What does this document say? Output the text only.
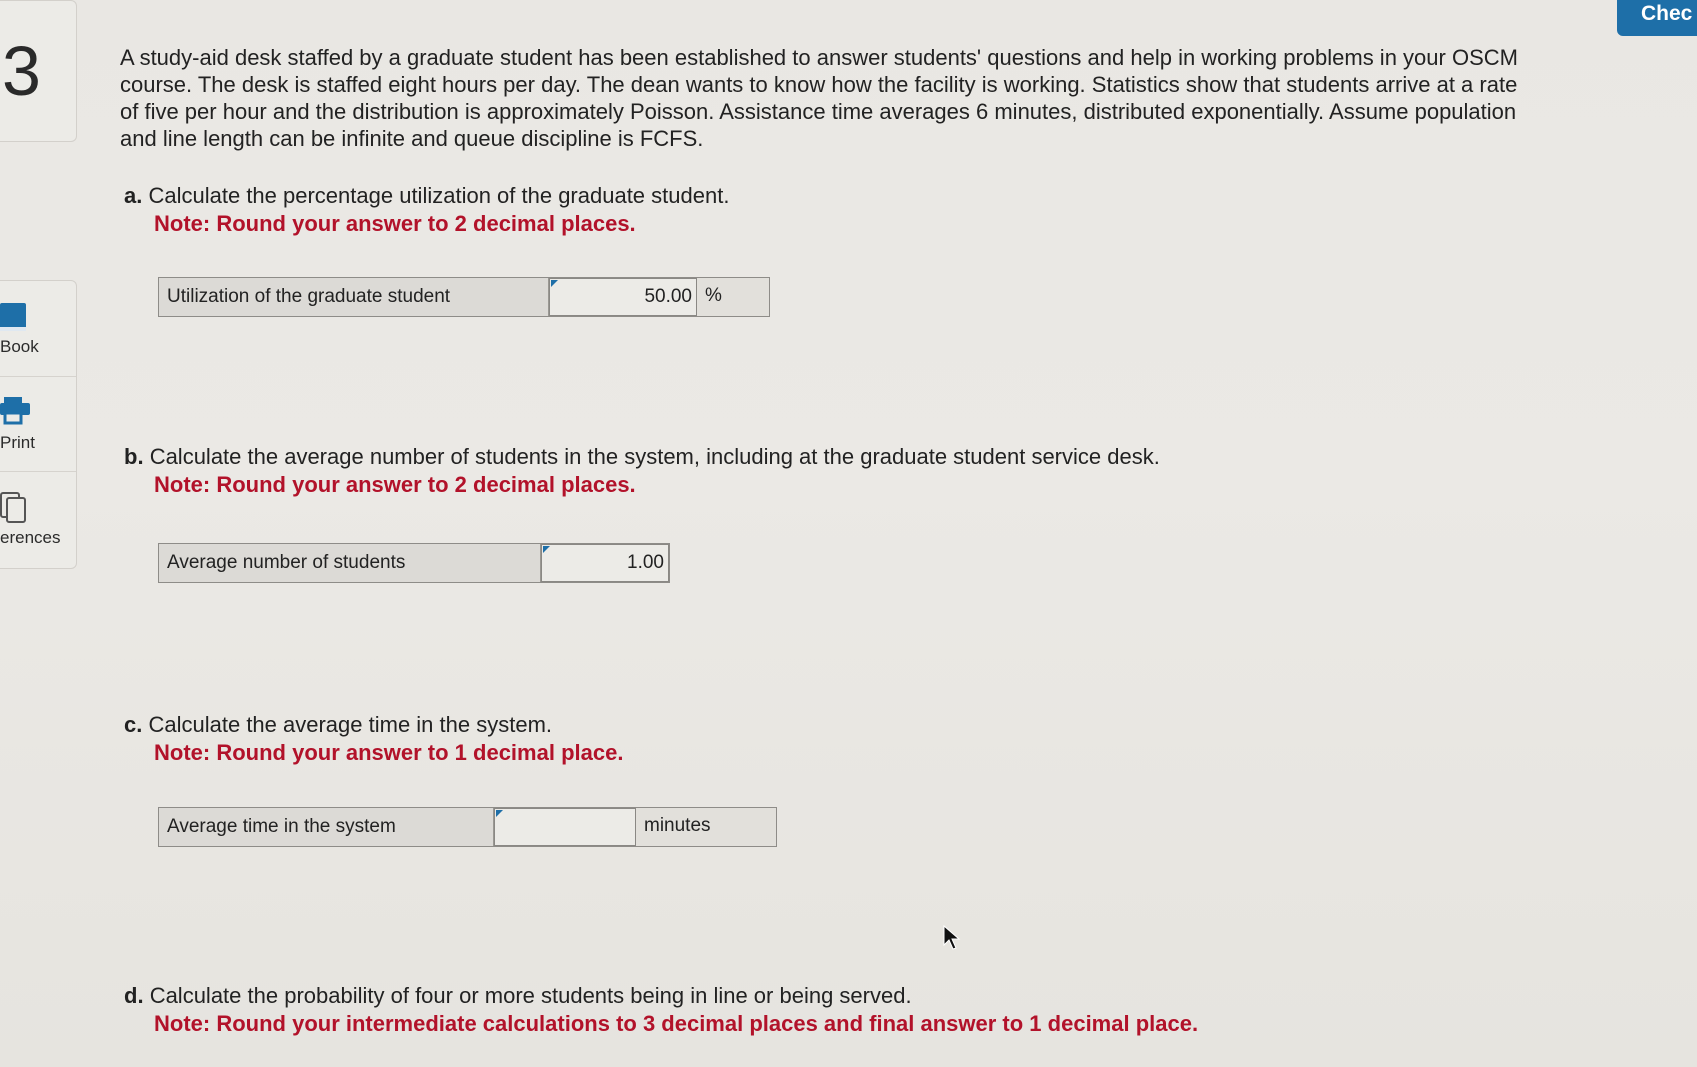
3
Book
Print
erences
Chec
A study-aid desk staffed by a graduate student has been established to answer students' questions and help in working problems in your OSCM course. The desk is staffed eight hours per day. The dean wants to know how the facility is working. Statistics show that students arrive at a rate of five per hour and the distribution is approximately Poisson. Assistance time averages 6 minutes, distributed exponentially. Assume population and line length can be infinite and queue discipline is FCFS.
a. Calculate the percentage utilization of the graduate student.
Note: Round your answer to 2 decimal places.
Utilization of the graduate student	50.00 %
b. Calculate the average number of students in the system, including at the graduate student service desk.
Note: Round your answer to 2 decimal places.
Average number of students	1.00
c. Calculate the average time in the system.
Note: Round your answer to 1 decimal place.
Average time in the system	minutes
d. Calculate the probability of four or more students being in line or being served.
Note: Round your intermediate calculations to 3 decimal places and final answer to 1 decimal place.
